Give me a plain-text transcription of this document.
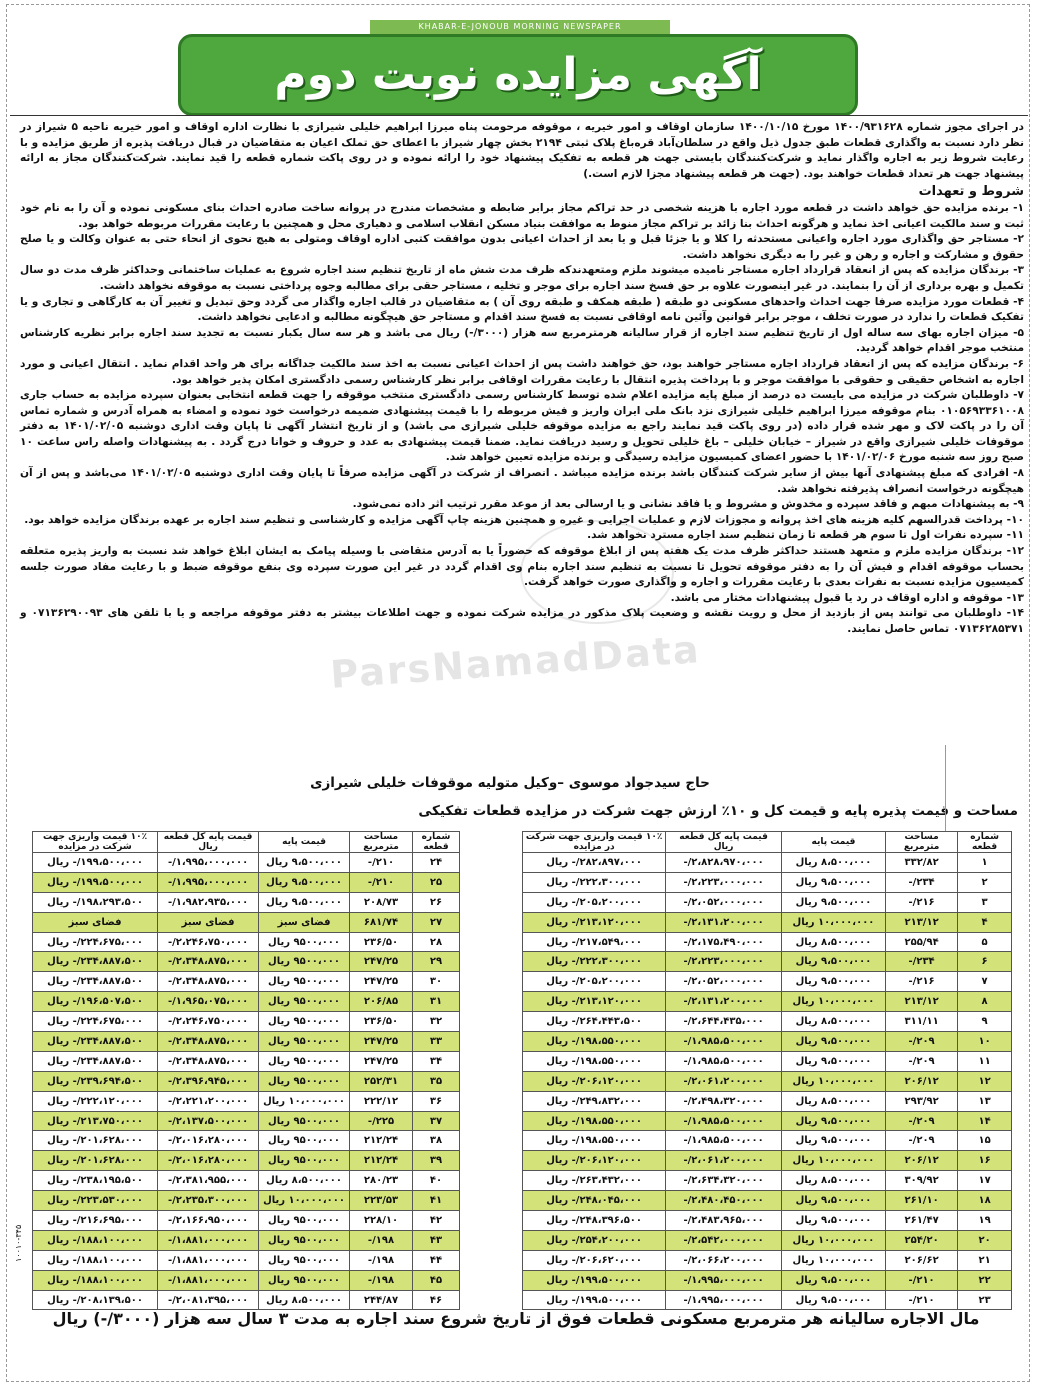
KHABAR-E-JONOUB MORNING NEWSPAPER
آگهی مزایده نوبت دوم
ParsNamadData

در اجرای مجوز شماره ۱۴۰۰/۹۳۱۶۲۸ مورخ ۱۴۰۰/۱۰/۱۵ سازمان اوقاف و امور خیریه ، موقوفه مرحومت پناه میرزا ابراهیم خلیلی شیرازی با نظارت اداره اوقاف و امور خیریه ناحیه ۵ شیراز در نظر دارد نسبت به واگذاری قطعات طبق جدول ذیل واقع در سلطان‌آباد قره‌باغ پلاک ثبتی ۲۱۹۴ بخش چهار شیراز با اعطای حق تملک اعیان به متقاضیان در قبال دریافت پذیره از طریق مزایده و با رعایت شروط زیر به اجاره واگذار نماید و شرکت‌کنندگان بایستی جهت هر قطعه به تفکیک پیشنهاد خود را ارائه نموده و در روی پاکت شماره قطعه را قید نمایند. شرکت‌کنندگان مجاز به ارائه پیشنهاد جهت هر تعداد قطعات خواهند بود. (جهت هر قطعه پیشنهاد مجزا لازم است.)

شروط و تعهدات

۱- برنده مزایده حق خواهد داشت در قطعه مورد اجاره با هزینه شخصی در حد تراکم مجاز برابر ضابطه و مشخصات مندرج در پروانه ساخت صادره احداث بنای مسکونی نموده و آن را به نام خود ثبت و سند مالکیت اعیانی اخذ نماید و هرگونه احداث بنا زائد بر تراکم مجاز منوط به موافقت بنیاد مسکن انقلاب اسلامی و دهیاری محل و همچنین با رعایت مقررات مربوطه خواهد بود.

۲- مستاجر حق واگذاری مورد اجاره واعیانی مستحدثه را کلا و یا جزئا قبل و یا بعد از احداث اعیانی بدون موافقت کتبی اداره اوقاف ومتولی به هیچ نحوی از انحاء حتی به عنوان وکالت و یا صلح حقوق و مشارکت و اجاره و رهن و غیر را به دیگری نخواهد داشت.

۳- برندگان مزایده که پس از انعقاد قرارداد اجاره مستاجر نامیده میشوند ملزم ومتعهدندکه ظرف مدت شش ماه از تاریخ تنظیم سند اجاره شروع به عملیات ساختمانی وحداکثر ظرف مدت دو سال تکمیل و بهره برداری از آن را بنمایند. در غیر اینصورت علاوه بر حق فسخ سند اجاره برای موجر و تخلیه ، مستاجر حقی برای مطالبه وجوه پرداختی نسبت به موقوفه نخواهد داشت.

۴- قطعات مورد مزایده صرفا جهت احداث واحدهای مسکونی دو طبقه ( طبقه همکف و طبقه روی آن ) به متقاضیان در قالب اجاره واگذار می گردد وحق تبدیل و تغییر آن به کارگاهی و تجاری و یا تفکیک قطعات را ندارد در صورت تخلف ، موجر برابر قوانین وآئین نامه اوقافی نسبت به فسخ سند اقدام و مستاجر حق هیچگونه مطالبه و ادعایی نخواهد داشت.

۵- میزان اجاره بهای سه ساله اول از تاریخ تنظیم سند اجاره از قرار سالیانه هرمترمربع سه هزار (۳۰۰۰/-) ریال می باشد و هر سه سال یکبار نسبت به تجدید سند اجاره برابر نظریه کارشناس منتخب موجر اقدام خواهد گردید.

۶- برندگان مزایده که پس از انعقاد قرارداد اجاره مستاجر خواهند بود، حق خواهند داشت پس از احداث اعیانی نسبت به اخذ سند مالکیت جداگانه برای هر واحد اقدام نماید . انتقال اعیانی و مورد اجاره به اشخاص حقیقی و حقوقی با موافقت موجر و با پرداخت پذیره انتقال با رعایت مقررات اوقافی برابر نظر کارشناس رسمی دادگستری امکان پذیر خواهد بود.

۷- داوطلبان شرکت در مزایده می بایست ده درصد از مبلغ پایه مزایده اعلام شده توسط کارشناس رسمی دادگستری منتخب موقوفه را جهت قطعه انتخابی بعنوان سپرده مزایده به حساب جاری ۰۱۰۵۶۹۳۳۶۱۰۰۸ بنام موقوفه میرزا ابراهیم خلیلی شیرازی نزد بانک ملی ایران واریز و فیش مربوطه را با قیمت پیشنهادی ضمیمه درخواست خود نموده و امضاء به همراه آدرس و شماره تماس آن را در پاکت لاک و مهر شده قرار داده (در روی پاکت قید نمایند راجع به مزایده موقوفه خلیلی شیرازی می باشد) و از تاریخ انتشار آگهی تا پایان وقت اداری دوشنبه ۱۴۰۱/۰۲/۰۵ به دفتر موقوفات خلیلی شیرازی واقع در شیراز – خیابان خلیلی – باغ خلیلی تحویل و رسید دریافت نماید. ضمنا قیمت پیشنهادی به عدد و حروف و خوانا درج گردد . به پیشنهادات واصله راس ساعت ۱۰ صبح روز سه شنبه مورخ ۱۴۰۱/۰۲/۰۶ با حضور اعضای کمیسیون مزایده رسیدگی و برنده مزایده تعیین خواهد شد.

۸- افرادی که مبلغ پیشنهادی آنها بیش از سایر شرکت کنندگان باشد برنده مزایده میباشد . انصراف از شرکت در آگهی مزایده صرفاً تا پایان وقت اداری دوشنبه ۱۴۰۱/۰۲/۰۵ می‌باشد و پس از آن هیچگونه درخواست انصراف پذیرفته نخواهد شد.

۹- به پیشنهادات مبهم و فاقد سپرده و مخدوش و مشروط و یا فاقد نشانی و یا ارسالی بعد از موعد مقرر ترتیب اثر داده نمی‌شود.

۱۰- پرداخت قدرالسهم کلیه هزینه های اخذ پروانه و مجوزات لازم و عملیات اجرایی و غیره و همچنین هزینه چاپ آگهی مزایده و کارشناسی و تنظیم سند اجاره بر عهده برندگان مزایده خواهد بود.

۱۱- سپرده نفرات اول تا سوم هر قطعه تا زمان تنظیم سند اجاره مسترد نخواهد شد.

۱۲- برندگان مزایده ملزم و متعهد هستند حداکثر ظرف مدت یک هفته پس از ابلاغ موقوفه که حضوراً یا به آدرس متقاضی با وسیله پیامک به ایشان ابلاغ خواهد شد نسبت به واریز پذیره متعلقه بحساب موقوفه اقدام و فیش آن را به دفتر موقوفه تحویل تا نسبت به تنظیم سند اجاره بنام وی اقدام گردد در غیر این صورت سپرده وی بنفع موقوفه ضبط و با رعایت مفاد صورت جلسه کمیسیون مزایده نسبت به نفرات بعدی با رعایت مقررات و اجاره و واگذاری صورت خواهد گرفت.

۱۳- موقوفه و اداره اوقاف در رد یا قبول پیشنهادات مختار می باشد.

۱۴- داوطلبان می توانند پس از بازدید از محل و رویت نقشه و وضعیت پلاک مذکور در مزایده شرکت نموده و جهت اطلاعات بیشتر به دفتر موقوفه مراجعه و یا با تلفن های ۰۷۱۳۶۲۹۰۰۹۳ و ۰۷۱۳۶۲۸۵۳۷۱ تماس حاصل نمایند.

حاج سیدجواد موسوی –وکیل متولیه موقوفات خلیلی شیرازی
مساحت و قیمت پذیره پایه و قیمت کل و ۱۰٪ ارزش جهت شرکت در مزایده قطعات تفکیکی
شماره قطعه	مساحت مترمربع	قیمت پایه	قیمت پایه کل قطعه ریال	۱۰٪ قیمت واریزی جهت شرکت در مزایده
۱	۳۳۲/۸۲	۸،۵۰۰،۰۰۰ ریال	۲،۸۲۸،۹۷۰،۰۰۰/-	۲۸۲،۸۹۷،۰۰۰/- ریال
۲	۲۳۴/-	۹،۵۰۰،۰۰۰ ریال	۲،۲۲۳،۰۰۰،۰۰۰/-	۲۲۲،۳۰۰،۰۰۰/- ریال
۳	۲۱۶/-	۹،۵۰۰،۰۰۰ ریال	۲،۰۵۲،۰۰۰،۰۰۰/-	۲۰۵،۲۰۰،۰۰۰/- ریال
۴	۲۱۳/۱۲	۱۰،۰۰۰،۰۰۰ ریال	۲،۱۳۱،۲۰۰،۰۰۰/-	۲۱۳،۱۲۰،۰۰۰/- ریال
۵	۲۵۵/۹۴	۸،۵۰۰،۰۰۰ ریال	۲،۱۷۵،۴۹۰،۰۰۰/-	۲۱۷،۵۴۹،۰۰۰/- ریال
۶	۲۳۴/-	۹،۵۰۰،۰۰۰ ریال	۲،۲۲۳،۰۰۰،۰۰۰/-	۲۲۲،۳۰۰،۰۰۰/- ریال
۷	۲۱۶/-	۹،۵۰۰،۰۰۰ ریال	۲،۰۵۲،۰۰۰،۰۰۰/-	۲۰۵،۲۰۰،۰۰۰/- ریال
۸	۲۱۳/۱۲	۱۰،۰۰۰،۰۰۰ ریال	۲،۱۳۱،۲۰۰،۰۰۰/-	۲۱۳،۱۲۰،۰۰۰/- ریال
۹	۳۱۱/۱۱	۸،۵۰۰،۰۰۰ ریال	۲،۶۴۴،۴۳۵،۰۰۰/-	۲۶۴،۴۴۳،۵۰۰/- ریال
۱۰	۲۰۹/-	۹،۵۰۰،۰۰۰ ریال	۱،۹۸۵،۵۰۰،۰۰۰/-	۱۹۸،۵۵۰،۰۰۰/- ریال
۱۱	۲۰۹/-	۹،۵۰۰،۰۰۰ ریال	۱،۹۸۵،۵۰۰،۰۰۰/-	۱۹۸،۵۵۰،۰۰۰/- ریال
۱۲	۲۰۶/۱۲	۱۰،۰۰۰،۰۰۰ ریال	۲،۰۶۱،۲۰۰،۰۰۰/-	۲۰۶،۱۲۰،۰۰۰/- ریال
۱۳	۲۹۳/۹۲	۸،۵۰۰،۰۰۰ ریال	۲،۴۹۸،۳۲۰،۰۰۰/-	۲۴۹،۸۳۲،۰۰۰/- ریال
۱۴	۲۰۹/-	۹،۵۰۰،۰۰۰ ریال	۱،۹۸۵،۵۰۰،۰۰۰/-	۱۹۸،۵۵۰،۰۰۰/- ریال
۱۵	۲۰۹/-	۹،۵۰۰،۰۰۰ ریال	۱،۹۸۵،۵۰۰،۰۰۰/-	۱۹۸،۵۵۰،۰۰۰/- ریال
۱۶	۲۰۶/۱۲	۱۰،۰۰۰،۰۰۰ ریال	۲،۰۶۱،۲۰۰،۰۰۰/-	۲۰۶،۱۲۰،۰۰۰/- ریال
۱۷	۳۰۹/۹۲	۸،۵۰۰،۰۰۰ ریال	۲،۶۳۴،۳۲۰،۰۰۰/-	۲۶۳،۴۳۲،۰۰۰/- ریال
۱۸	۲۶۱/۱۰	۹،۵۰۰،۰۰۰ ریال	۲،۴۸۰،۴۵۰،۰۰۰/-	۲۴۸،۰۴۵،۰۰۰/- ریال
۱۹	۲۶۱/۴۷	۹،۵۰۰،۰۰۰ ریال	۲،۴۸۳،۹۶۵،۰۰۰/-	۲۴۸،۳۹۶،۵۰۰/- ریال
۲۰	۲۵۴/۲۰	۱۰،۰۰۰،۰۰۰ ریال	۲،۵۴۲،۰۰۰،۰۰۰/-	۲۵۴،۲۰۰،۰۰۰/- ریال
۲۱	۲۰۶/۶۲	۱۰،۰۰۰،۰۰۰ ریال	۲،۰۶۶،۲۰۰،۰۰۰/-	۲۰۶،۶۲۰،۰۰۰/- ریال
۲۲	۲۱۰/-	۹،۵۰۰،۰۰۰ ریال	۱،۹۹۵،۰۰۰،۰۰۰/-	۱۹۹،۵۰۰،۰۰۰/- ریال
۲۳	۲۱۰/-	۹،۵۰۰،۰۰۰ ریال	۱،۹۹۵،۰۰۰،۰۰۰/-	۱۹۹،۵۰۰،۰۰۰/- ریال
شماره قطعه	مساحت مترمربع	قیمت پایه	قیمت پایه کل قطعه ریال	۱۰٪ قیمت واریزی جهت شرکت در مزایده
۲۴	۲۱۰/-	۹،۵۰۰،۰۰۰ ریال	۱،۹۹۵،۰۰۰،۰۰۰/-	۱۹۹،۵۰۰،۰۰۰/- ریال
۲۵	۲۱۰/-	۹،۵۰۰،۰۰۰ ریال	۱،۹۹۵،۰۰۰،۰۰۰/-	۱۹۹،۵۰۰،۰۰۰/- ریال
۲۶	۲۰۸/۷۳	۹،۵۰۰،۰۰۰ ریال	۱،۹۸۲،۹۳۵،۰۰۰/-	۱۹۸،۲۹۳،۵۰۰/- ریال
۲۷	۶۸۱/۷۴	فضای سبز	فضای سبز	فضای سبز
۲۸	۲۳۶/۵۰	۹۵۰۰،۰۰۰ ریال	۲،۲۴۶،۷۵۰،۰۰۰/-	۲۲۴،۶۷۵،۰۰۰/- ریال
۲۹	۲۴۷/۲۵	۹۵۰۰،۰۰۰ ریال	۲،۳۴۸،۸۷۵،۰۰۰/-	۲۳۴،۸۸۷،۵۰۰/- ریال
۳۰	۲۴۷/۲۵	۹۵۰۰،۰۰۰ ریال	۲،۳۴۸،۸۷۵،۰۰۰/-	۲۳۴،۸۸۷،۵۰۰/- ریال
۳۱	۲۰۶/۸۵	۹۵۰۰،۰۰۰ ریال	۱،۹۶۵،۰۷۵،۰۰۰/-	۱۹۶،۵۰۷،۵۰۰/- ریال
۳۲	۲۳۶/۵۰	۹۵۰۰،۰۰۰ ریال	۲،۲۴۶،۷۵۰،۰۰۰/-	۲۲۴،۶۷۵،۰۰۰/- ریال
۳۳	۲۴۷/۲۵	۹۵۰۰،۰۰۰ ریال	۲،۳۴۸،۸۷۵،۰۰۰/-	۲۳۴،۸۸۷،۵۰۰/- ریال
۳۴	۲۴۷/۲۵	۹۵۰۰،۰۰۰ ریال	۲،۳۴۸،۸۷۵،۰۰۰/-	۲۳۴،۸۸۷،۵۰۰/- ریال
۳۵	۲۵۲/۳۱	۹۵۰۰،۰۰۰ ریال	۲،۳۹۶،۹۴۵،۰۰۰/-	۲۳۹،۶۹۴،۵۰۰/- ریال
۳۶	۲۲۲/۱۲	۱۰،۰۰۰،۰۰۰ ریال	۲،۲۲۱،۲۰۰،۰۰۰/-	۲۲۲،۱۲۰،۰۰۰/- ریال
۳۷	۲۲۵/-	۹۵۰۰،۰۰۰ ریال	۲،۱۳۷،۵۰۰،۰۰۰/-	۲۱۳،۷۵۰،۰۰۰/- ریال
۳۸	۲۱۲/۲۴	۹۵۰۰،۰۰۰ ریال	۲،۰۱۶،۲۸۰،۰۰۰/-	۲۰۱،۶۲۸،۰۰۰/- ریال
۳۹	۲۱۲/۲۴	۹۵۰۰،۰۰۰ ریال	۲،۰۱۶،۲۸۰،۰۰۰/-	۲۰۱،۶۲۸،۰۰۰/- ریال
۴۰	۲۸۰/۲۳	۸،۵۰۰،۰۰۰ ریال	۲،۳۸۱،۹۵۵،۰۰۰/-	۲۳۸،۱۹۵،۵۰۰/- ریال
۴۱	۲۲۳/۵۳	۱۰،۰۰۰،۰۰۰ ریال	۲،۲۳۵،۳۰۰،۰۰۰/-	۲۲۳،۵۳۰،۰۰۰/- ریال
۴۲	۲۲۸/۱۰	۹۵۰۰،۰۰۰ ریال	۲،۱۶۶،۹۵۰،۰۰۰/-	۲۱۶،۶۹۵،۰۰۰/- ریال
۴۳	۱۹۸/-	۹۵۰۰،۰۰۰ ریال	۱،۸۸۱،۰۰۰،۰۰۰/-	۱۸۸،۱۰۰،۰۰۰/- ریال
۴۴	۱۹۸/-	۹۵۰۰،۰۰۰ ریال	۱،۸۸۱،۰۰۰،۰۰۰/-	۱۸۸،۱۰۰،۰۰۰/- ریال
۴۵	۱۹۸/-	۹۵۰۰،۰۰۰ ریال	۱،۸۸۱،۰۰۰،۰۰۰/-	۱۸۸،۱۰۰،۰۰۰/- ریال
۴۶	۲۴۴/۸۷	۸،۵۰۰،۰۰۰ ریال	۲،۰۸۱،۳۹۵،۰۰۰/-	۲۰۸،۱۳۹،۵۰۰/- ریال
مال الاجاره سالیانه هر مترمربع مسکونی قطعات فوق از تاریخ شروع سند اجاره به مدت ۳ سال سه هزار (۳۰۰۰/-) ریال
۱۰۰۱۰-۳۴۵
